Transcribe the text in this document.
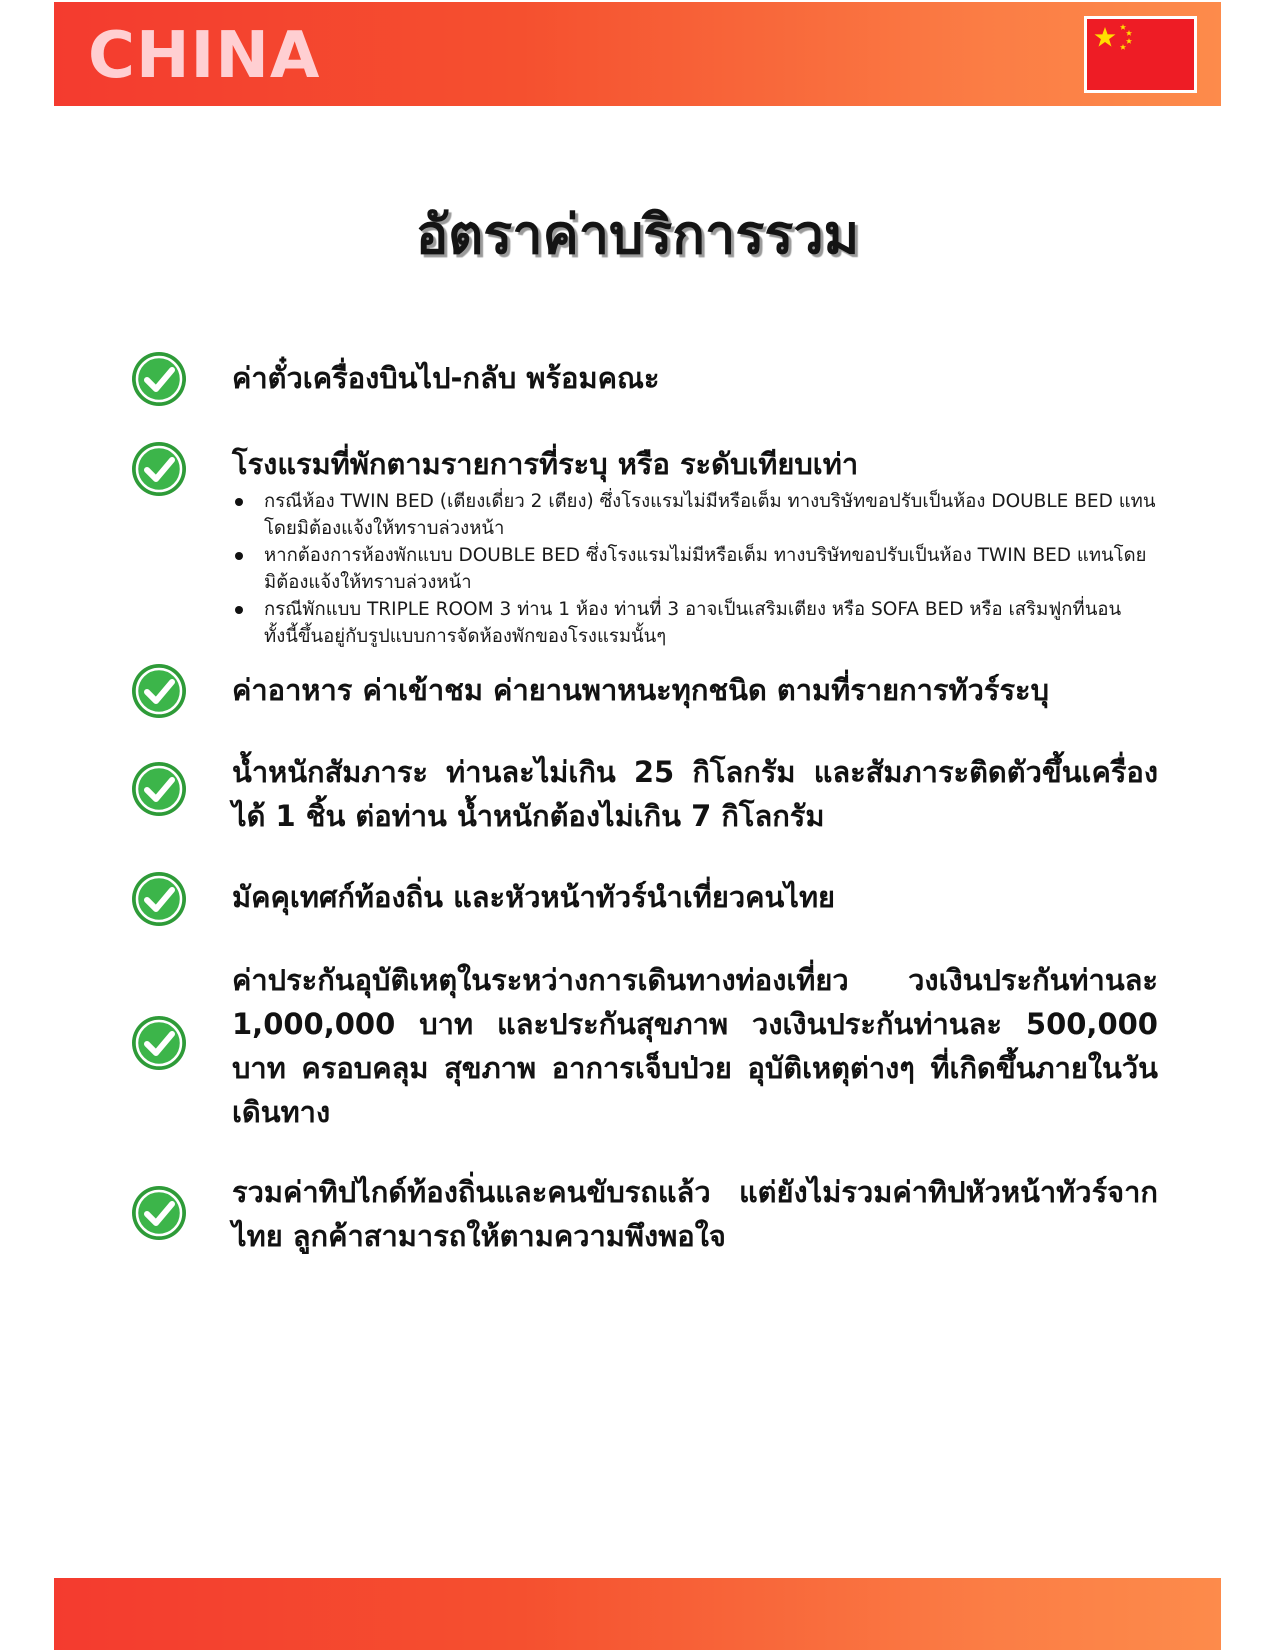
CHINA
อัตราค่าบริการรวม
ค่าตั๋วเครื่องบินไป-กลับ พร้อมคณะ
โรงแรมที่พักตามรายการที่ระบุ หรือ ระดับเทียบเท่า
กรณีห้อง TWIN BED (เตียงเดี่ยว 2 เตียง) ซึ่งโรงแรมไม่มีหรือเต็ม ทางบริษัทขอปรับเป็นห้อง DOUBLE BED แทนโดยมิต้องแจ้งให้ทราบล่วงหน้า
หากต้องการห้องพักแบบ DOUBLE BED ซึ่งโรงแรมไม่มีหรือเต็ม ทางบริษัทขอปรับเป็นห้อง TWIN BED แทนโดยมิต้องแจ้งให้ทราบล่วงหน้า
กรณีพักแบบ TRIPLE ROOM 3 ท่าน 1 ห้อง ท่านที่ 3 อาจเป็นเสริมเตียง หรือ SOFA BED หรือ เสริมฟูกที่นอน ทั้งนี้ขึ้นอยู่กับรูปแบบการจัดห้องพักของโรงแรมนั้นๆ
ค่าอาหาร ค่าเข้าชม ค่ายานพาหนะทุกชนิด ตามที่รายการทัวร์ระบุ
น้ำหนักสัมภาระ ท่านละไม่เกิน 25 กิโลกรัม และสัมภาระติดตัวขึ้นเครื่องได้ 1 ชิ้น ต่อท่าน น้ำหนักต้องไม่เกิน 7 กิโลกรัม
มัคคุเทศก์ท้องถิ่น และหัวหน้าทัวร์นำเที่ยวคนไทย
ค่าประกันอุบัติเหตุในระหว่างการเดินทางท่องเที่ยว วงเงินประกันท่านละ 1,000,000 บาท และประกันสุขภาพ วงเงินประกันท่านละ 500,000 บาท ครอบคลุม สุขภาพ อาการเจ็บป่วย อุบัติเหตุต่างๆ ที่เกิดขึ้นภายในวันเดินทาง
รวมค่าทิปไกด์ท้องถิ่นและคนขับรถแล้ว แต่ยังไม่รวมค่าทิปหัวหน้าทัวร์จากไทย ลูกค้าสามารถให้ตามความพึงพอใจ
